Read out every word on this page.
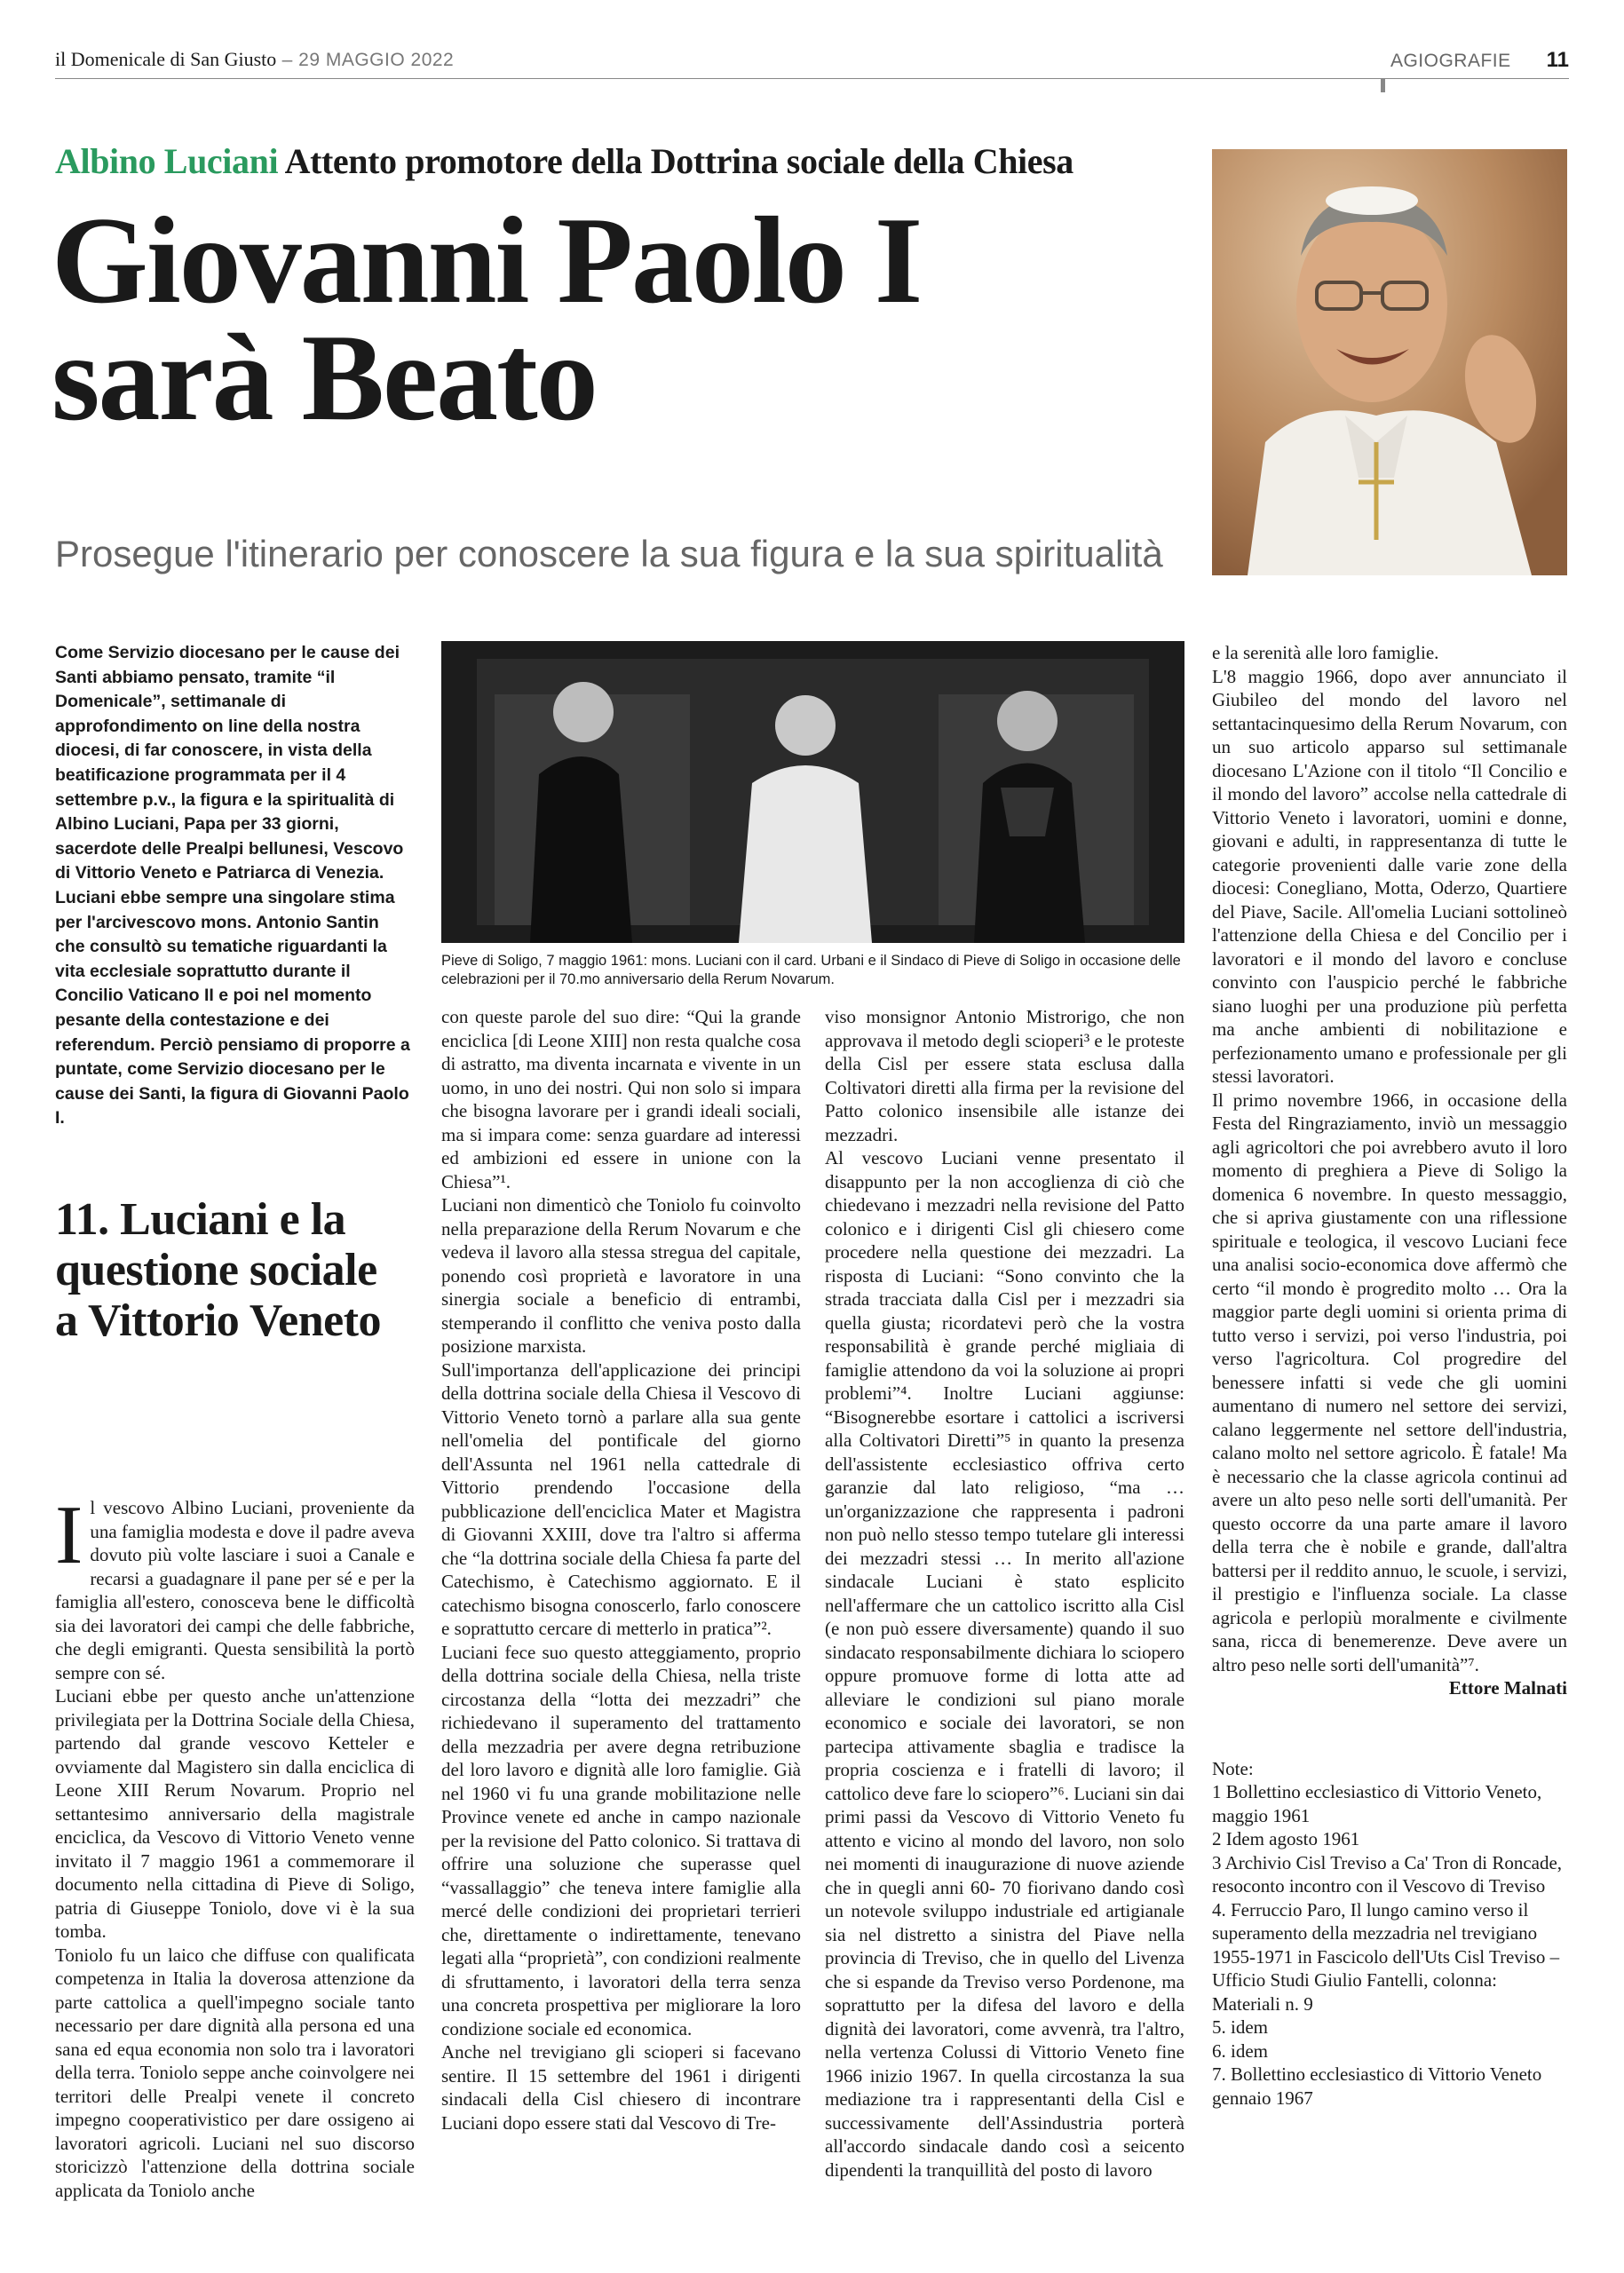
il Domenicale di San Giusto – 29 MAGGIO 2022	AGIOGRAFIE 11
Albino Luciani Attento promotore della Dottrina sociale della Chiesa
Giovanni Paolo I
sarà Beato
Prosegue l'itinerario per conoscere la sua figura e la sua spiritualità
Come Servizio diocesano per le cause dei Santi abbiamo pensato, tramite “il Domenicale”, settimanale di approfondimento on line della nostra diocesi, di far conoscere, in vista della beatificazione programmata per il 4 settembre p.v., la figura e la spiritualità di Albino Luciani, Papa per 33 giorni, sacerdote delle Prealpi bellunesi, Vescovo di Vittorio Veneto e Patriarca di Venezia. Luciani ebbe sempre una singolare stima per l'arcivescovo mons. Antonio Santin che consultò su tematiche riguardanti la vita ecclesiale soprattutto durante il Concilio Vaticano II e poi nel momento pesante della contestazione e dei referendum. Perciò pensiamo di proporre a puntate, come Servizio diocesano per le cause dei Santi, la figura di Giovanni Paolo I.
11. Luciani e la questione sociale a Vittorio Veneto

Il vescovo Albino Luciani, proveniente da una famiglia modesta e dove il padre aveva dovuto più volte lasciare i suoi a Canale e recarsi a guadagnare il pane per sé e per la famiglia all'estero, conosceva bene le difficoltà sia dei lavoratori dei campi che delle fabbriche, che degli emigranti. Questa sensibilità la portò sempre con sé.

Luciani ebbe per questo anche un'attenzione privilegiata per la Dottrina Sociale della Chiesa, partendo dal grande vescovo Ketteler e ovviamente dal Magistero sin dalla enciclica di Leone XIII Rerum Novarum. Proprio nel settantesimo anniversario della magistrale enciclica, da Vescovo di Vittorio Veneto venne invitato il 7 maggio 1961 a commemorare il documento nella cittadina di Pieve di Soligo, patria di Giuseppe Toniolo, dove vi è la sua tomba.

Toniolo fu un laico che diffuse con qualificata competenza in Italia la doverosa attenzione da parte cattolica a quell'impegno sociale tanto necessario per dare dignità alla persona ed una sana ed equa economia non solo tra i lavoratori della terra. Toniolo seppe anche coinvolgere nei territori delle Prealpi venete il concreto impegno cooperativistico per dare ossigeno ai lavoratori agricoli. Luciani nel suo discorso storicizzò l'attenzione della dottrina sociale applicata da Toniolo anche

Pieve di Soligo, 7 maggio 1961: mons. Luciani con il card. Urbani e il Sindaco di Pieve di Soligo in occasione delle celebrazioni per il 70.mo anniversario della Rerum Novarum.

con queste parole del suo dire: “Qui la grande enciclica [di Leone XIII] non resta qualche cosa di astratto, ma diventa incarnata e vivente in un uomo, in uno dei nostri. Qui non solo si impara che bisogna lavorare per i grandi ideali sociali, ma si impara come: senza guardare ad interessi ed ambizioni ed essere in unione con la Chiesa”¹.

Luciani non dimenticò che Toniolo fu coinvolto nella preparazione della Rerum Novarum e che vedeva il lavoro alla stessa stregua del capitale, ponendo così proprietà e lavoratore in una sinergia sociale a beneficio di entrambi, stemperando il conflitto che veniva posto dalla posizione marxista.

Sull'importanza dell'applicazione dei principi della dottrina sociale della Chiesa il Vescovo di Vittorio Veneto tornò a parlare alla sua gente nell'omelia del pontificale del giorno dell'Assunta nel 1961 nella cattedrale di Vittorio prendendo l'occasione della pubblicazione dell'enciclica Mater et Magistra di Giovanni XXIII, dove tra l'altro si afferma che “la dottrina sociale della Chiesa fa parte del Catechismo, è Catechismo aggiornato. E il catechismo bisogna conoscerlo, farlo conoscere e soprattutto cercare di metterlo in pratica”².

Luciani fece suo questo atteggiamento, proprio della dottrina sociale della Chiesa, nella triste circostanza della “lotta dei mezzadri” che richiedevano il superamento del trattamento della mezzadria per avere degna retribuzione del loro lavoro e dignità alle loro famiglie. Già nel 1960 vi fu una grande mobilitazione nelle Province venete ed anche in campo nazionale per la revisione del Patto colonico. Si trattava di offrire una soluzione che superasse quel “vassallaggio” che teneva intere famiglie alla mercé delle condizioni dei proprietari terrieri che, direttamente o indirettamente, tenevano legati alla “proprietà”, con condizioni realmente di sfruttamento, i lavoratori della terra senza una concreta prospettiva per migliorare la loro condizione sociale ed economica.

Anche nel trevigiano gli scioperi si facevano sentire. Il 15 settembre del 1961 i dirigenti sindacali della Cisl chiesero di incontrare Luciani dopo essere stati dal Vescovo di Tre-

viso monsignor Antonio Mistrorigo, che non approvava il metodo degli scioperi³ e le proteste della Cisl per essere stata esclusa dalla Coltivatori diretti alla firma per la revisione del Patto colonico insensibile alle istanze dei mezzadri.

Al vescovo Luciani venne presentato il disappunto per la non accoglienza di ciò che chiedevano i mezzadri nella revisione del Patto colonico e i dirigenti Cisl gli chiesero come procedere nella questione dei mezzadri. La risposta di Luciani: “Sono convinto che la strada tracciata dalla Cisl per i mezzadri sia quella giusta; ricordatevi però che la vostra responsabilità è grande perché migliaia di famiglie attendono da voi la soluzione ai propri problemi”⁴. Inoltre Luciani aggiunse: “Bisognerebbe esortare i cattolici a iscriversi alla Coltivatori Diretti”⁵ in quanto la presenza dell'assistente ecclesiastico offriva certo garanzie dal lato religioso, “ma … un'organizzazione che rappresenta i padroni non può nello stesso tempo tutelare gli interessi dei mezzadri stessi … In merito all'azione sindacale Luciani è stato esplicito nell'affermare che un cattolico iscritto alla Cisl (e non può essere diversamente) quando il suo sindacato responsabilmente dichiara lo sciopero oppure promuove forme di lotta atte ad alleviare le condizioni sul piano morale economico e sociale dei lavoratori, se non partecipa attivamente sbaglia e tradisce la propria coscienza e i fratelli di lavoro; il cattolico deve fare lo sciopero”⁶. Luciani sin dai primi passi da Vescovo di Vittorio Veneto fu attento e vicino al mondo del lavoro, non solo nei momenti di inaugurazione di nuove aziende che in quegli anni 60- 70 fiorivano dando così un notevole sviluppo industriale ed artigianale sia nel distretto a sinistra del Piave nella provincia di Treviso, che in quello del Livenza che si espande da Treviso verso Pordenone, ma soprattutto per la difesa del lavoro e della dignità dei lavoratori, come avvenrà, tra l'altro, nella vertenza Colussi di Vittorio Veneto fine 1966 inizio 1967. In quella circostanza la sua mediazione tra i rappresentanti della Cisl e successivamente dell'Assindustria porterà all'accordo sindacale dando così a seicento dipendenti la tranquillità del posto di lavoro

e la serenità alle loro famiglie.

L'8 maggio 1966, dopo aver annunciato il Giubileo del mondo del lavoro nel settantacinquesimo della Rerum Novarum, con un suo articolo apparso sul settimanale diocesano L'Azione con il titolo “Il Concilio e il mondo del lavoro” accolse nella cattedrale di Vittorio Veneto i lavoratori, uomini e donne, giovani e adulti, in rappresentanza di tutte le categorie provenienti dalle varie zone della diocesi: Conegliano, Motta, Oderzo, Quartiere del Piave, Sacile. All'omelia Luciani sottolineò l'attenzione della Chiesa e del Concilio per i lavoratori e il mondo del lavoro e concluse convinto con l'auspicio perché le fabbriche siano luoghi per una produzione più perfetta ma anche ambienti di nobilitazione e perfezionamento umano e professionale per gli stessi lavoratori.

Il primo novembre 1966, in occasione della Festa del Ringraziamento, inviò un messaggio agli agricoltori che poi avrebbero avuto il loro momento di preghiera a Pieve di Soligo la domenica 6 novembre. In questo messaggio, che si apriva giustamente con una riflessione spirituale e teologica, il vescovo Luciani fece una analisi socio-economica dove affermò che certo “il mondo è progredito molto … Ora la maggior parte degli uomini si orienta prima di tutto verso i servizi, poi verso l'industria, poi verso l'agricoltura. Col progredire del benessere infatti si vede che gli uomini aumentano di numero nel settore dei servizi, calano leggermente nel settore dell'industria, calano molto nel settore agricolo. È fatale! Ma è necessario che la classe agricola continui ad avere un alto peso nelle sorti dell'umanità. Per questo occorre da una parte amare il lavoro della terra che è nobile e grande, dall'altra battersi per il reddito annuo, le scuole, i servizi, il prestigio e l'influenza sociale. La classe agricola e perlopiù moralmente e civilmente sana, ricca di benemerenze. Deve avere un altro peso nelle sorti dell'umanità”⁷.

Ettore Malnati

Note:

1 Bollettino ecclesiastico di Vittorio Veneto, maggio 1961

2 Idem agosto 1961

3 Archivio Cisl Treviso a Ca' Tron di Roncade, resoconto incontro con il Vescovo di Treviso

4. Ferruccio Paro, Il lungo camino verso il superamento della mezzadria nel trevigiano 1955-1971 in Fascicolo dell'Uts Cisl Treviso – Ufficio Studi Giulio Fantelli, colonna: Materiali n. 9

5. idem

6. idem

7. Bollettino ecclesiastico di Vittorio Veneto gennaio 1967
